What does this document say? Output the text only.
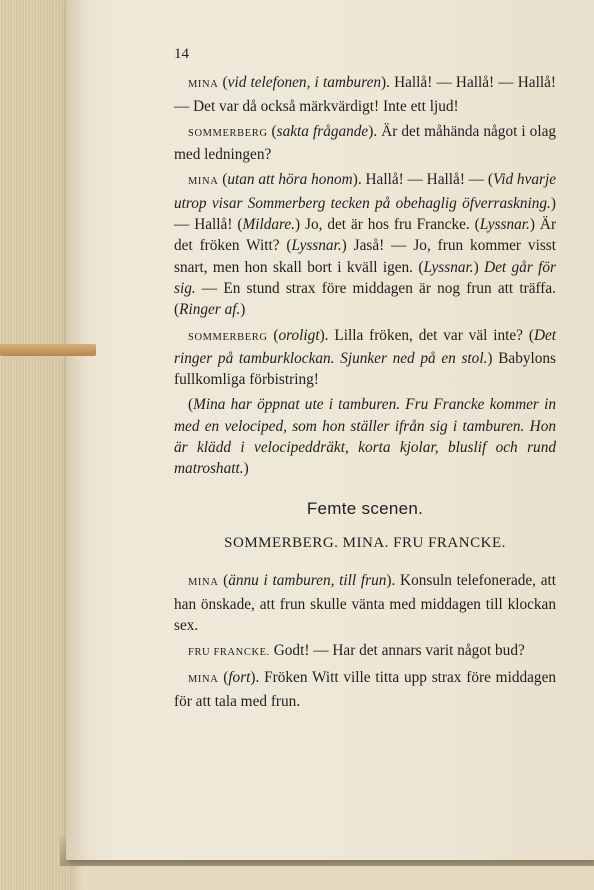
14

MINA (vid telefonen, i tamburen). Hallå! — Hallå! — Hallå! — Det var då också märkvärdigt! Inte ett ljud!

SOMMERBERG (sakta frågande). Är det måhända något i olag med ledningen?

MINA (utan att höra honom). Hallå! — Hallå! — (Vid hvarje utrop visar Sommerberg tecken på obehaglig öfverraskning.) — Hallå! (Mildare.) Jo, det är hos fru Francke. (Lyssnar.) Är det fröken Witt? (Lyssnar.) Jaså! — Jo, frun kommer visst snart, men hon skall bort i kväll igen. (Lyssnar.) Det går för sig. — En stund strax före middagen är nog frun att träffa. (Ringer af.)

SOMMERBERG (oroligt). Lilla fröken, det var väl inte? (Det ringer på tamburklockan. Sjunker ned på en stol.) Babylons fullkomliga förbistring!

(Mina har öppnat ute i tamburen. Fru Francke kommer in med en velociped, som hon ställer ifrån sig i tamburen. Hon är klädd i velocipeddräkt, korta kjolar, bluslif och rund matroshatt.)

Femte scenen.
SOMMERBERG. MINA. FRU FRANCKE.

MINA (ännu i tamburen, till frun). Konsuln telefonerade, att han önskade, att frun skulle vänta med middagen till klockan sex.

FRU FRANCKE. Godt! — Har det annars varit något bud?

MINA (fort). Fröken Witt ville titta upp strax före middagen för att tala med frun.
